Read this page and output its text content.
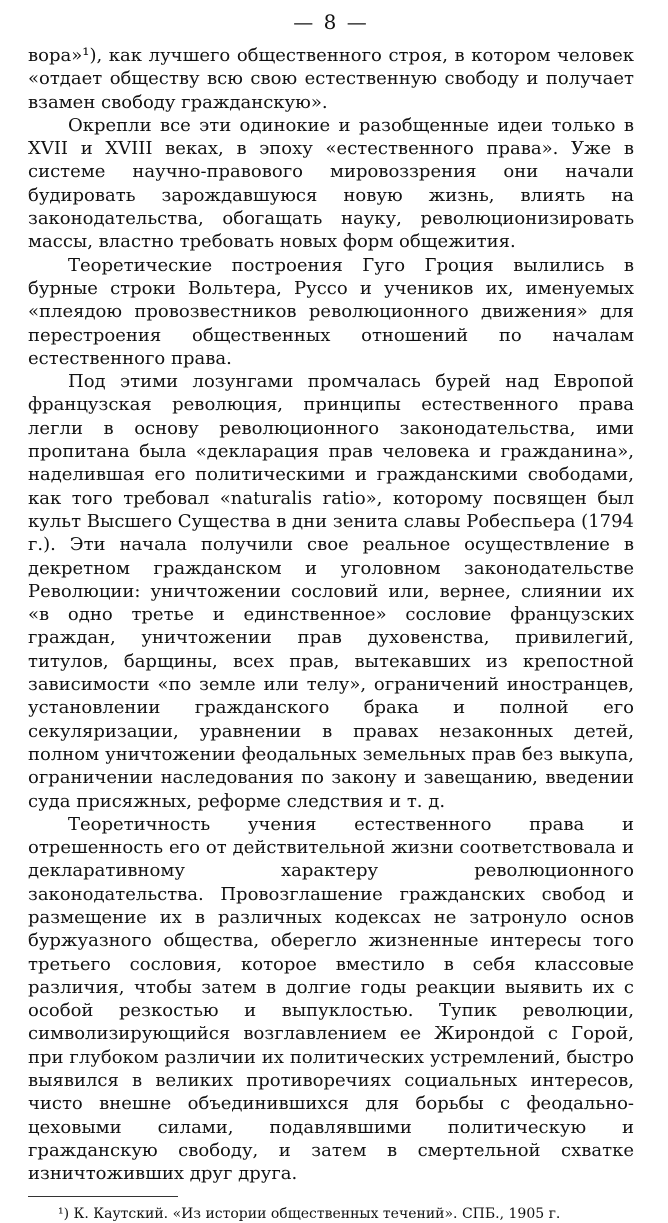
— 8 —

вора»¹), как лучшего общественного строя, в котором человек «отдает обществу всю свою естественную свободу и получает взамен свободу гражданскую».

Окрепли все эти одинокие и разобщенные идеи только в XVII и XVIII веках, в эпоху «естественного права». Уже в системе научно-правового мировоззрения они начали будировать зарождавшуюся новую жизнь, влиять на законодательства, обогащать науку, революционизировать массы, властно требовать новых форм общежития.

Теоретические построения Гуго Гроция вылились в бурные строки Вольтера, Руссо и учеников их, именуемых «плеядою провозвестников революционного движения» для перестроения общественных отношений по началам естественного права.

Под этими лозунгами промчалась бурей над Европой французская революция, принципы естественного права легли в основу революционного законодательства, ими пропитана была «декларация прав человека и гражданина», наделившая его политическими и гражданскими свободами, как того требовал «naturalis ratio», которому посвящен был культ Высшего Существа в дни зенита славы Робеспьера (1794 г.). Эти начала получили свое реальное осуществление в декретном гражданском и уголовном законодательстве Революции: уничтожении сословий или, вернее, слиянии их «в одно третье и единственное» сословие французских граждан, уничтожении прав духовенства, привилегий, титулов, барщины, всех прав, вытекавших из крепостной зависимости «по земле или телу», ограничений иностранцев, установлении гражданского брака и полной его секуляризации, уравнении в правах незаконных детей, полном уничтожении феодальных земельных прав без выкупа, ограничении наследования по закону и завещанию, введении суда присяжных, реформе следствия и т. д.

Теоретичность учения естественного права и отрешенность его от действительной жизни соответствовала и декларативному характеру революционного законодательства. Провозглашение гражданских свобод и размещение их в различных кодексах не затронуло основ буржуазного общества, оберегло жизненные интересы того третьего сословия, которое вместило в себя классовые различия, чтобы затем в долгие годы реакции выявить их с особой резкостью и выпуклостью. Тупик революции, символизирующийся возглавлением ее Жирондой с Горой, при глубоком различии их политических устремлений, быстро выявился в великих противоречиях социальных интересов, чисто внешне объединившихся для борьбы с феодально-цеховыми силами, подавлявшими политическую и гражданскую свободу, и затем в смертельной схватке изничтожившиx друг друга.

¹) К. Каутский. «Из истории общественных течений». СПБ., 1905 г.
